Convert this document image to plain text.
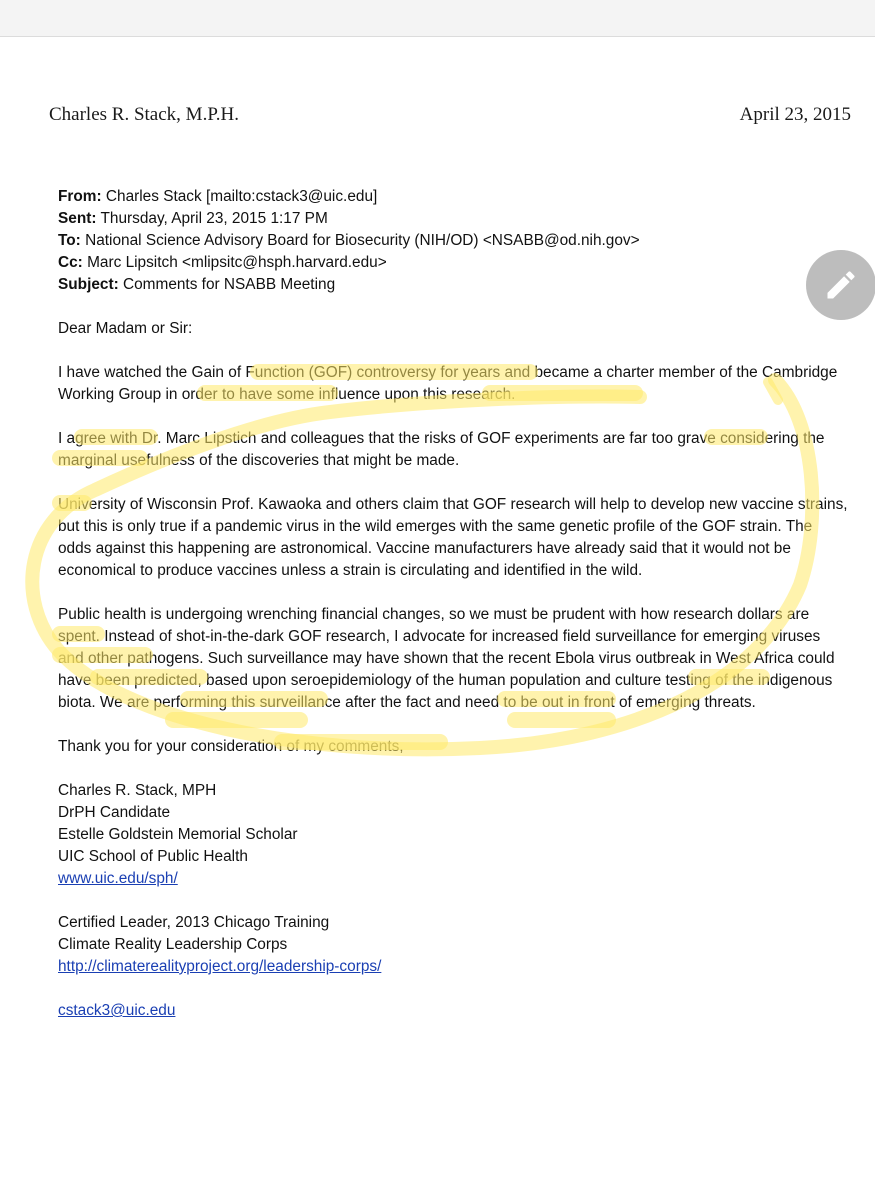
Charles R. Stack, M.P.H.	April 23, 2015
From: Charles Stack [mailto:cstack3@uic.edu]
Sent: Thursday, April 23, 2015 1:17 PM
To: National Science Advisory Board for Biosecurity (NIH/OD) <NSABB@od.nih.gov>
Cc: Marc Lipsitch <mlipsitc@hsph.harvard.edu>
Subject: Comments for NSABB Meeting

Dear Madam or Sir:

I have watched the Gain of Function (GOF) controversy for years and became a charter member of the Cambridge Working Group in order to have some influence upon this research.

I agree with Dr. Marc Lipstich and colleagues that the risks of GOF experiments are far too grave considering the marginal usefulness of the discoveries that might be made.

University of Wisconsin Prof. Kawaoka and others claim that GOF research will help to develop new vaccine strains, but this is only true if a pandemic virus in the wild emerges with the same genetic profile of the GOF strain. The odds against this happening are astronomical. Vaccine manufacturers have already said that it would not be economical to produce vaccines unless a strain is circulating and identified in the wild.

Public health is undergoing wrenching financial changes, so we must be prudent with how research dollars are spent. Instead of shot-in-the-dark GOF research, I advocate for increased field surveillance for emerging viruses and other pathogens. Such surveillance may have shown that the recent Ebola virus outbreak in West Africa could have been predicted, based upon seroepidemiology of the human population and culture testing of the indigenous biota. We are performing this surveillance after the fact and need to be out in front of emerging threats.

Thank you for your consideration of my comments,

Charles R. Stack, MPH
DrPH Candidate
Estelle Goldstein Memorial Scholar
UIC School of Public Health
www.uic.edu/sph/
Certified Leader, 2013 Chicago Training
Climate Reality Leadership Corps
http://climaterealityproject.org/leadership-corps/
cstack3@uic.edu
